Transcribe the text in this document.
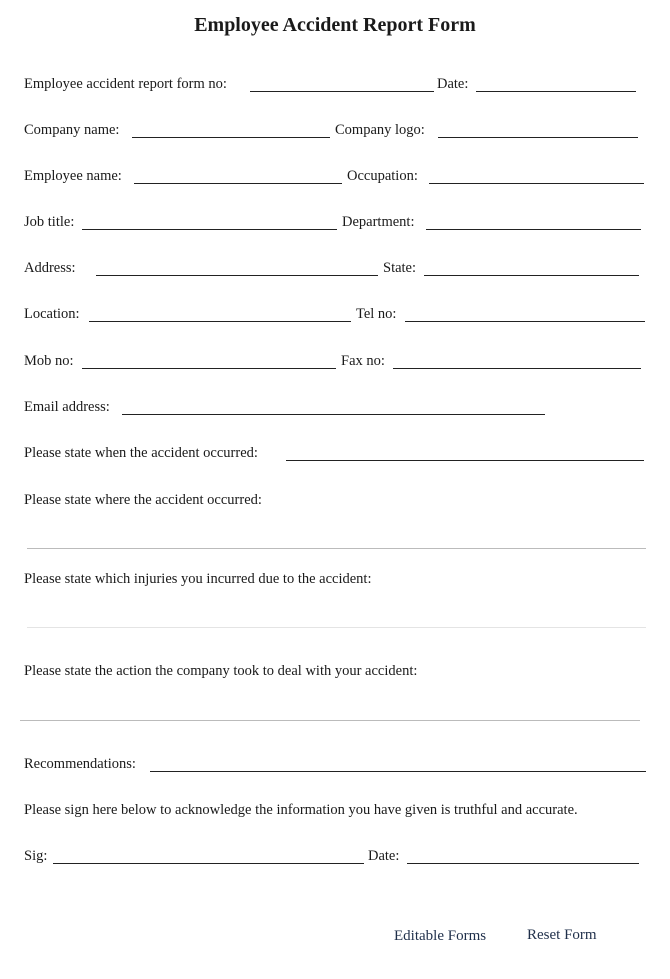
Employee Accident Report Form
Employee accident report form no:	Date:
Company name:	Company logo:
Employee name:	Occupation:
Job title:	Department:
Address:	State:
Location:	Tel no:
Mob no:	Fax no:
Email address:
Please state when the accident occurred:
Please state where the accident occurred:
Please state which injuries you incurred due to the accident:
Please state the action the company took to deal with your accident:
Recommendations:
Please sign here below to acknowledge the information you have given is truthful and accurate.
Sig:	Date:
Editable Forms	Reset Form
